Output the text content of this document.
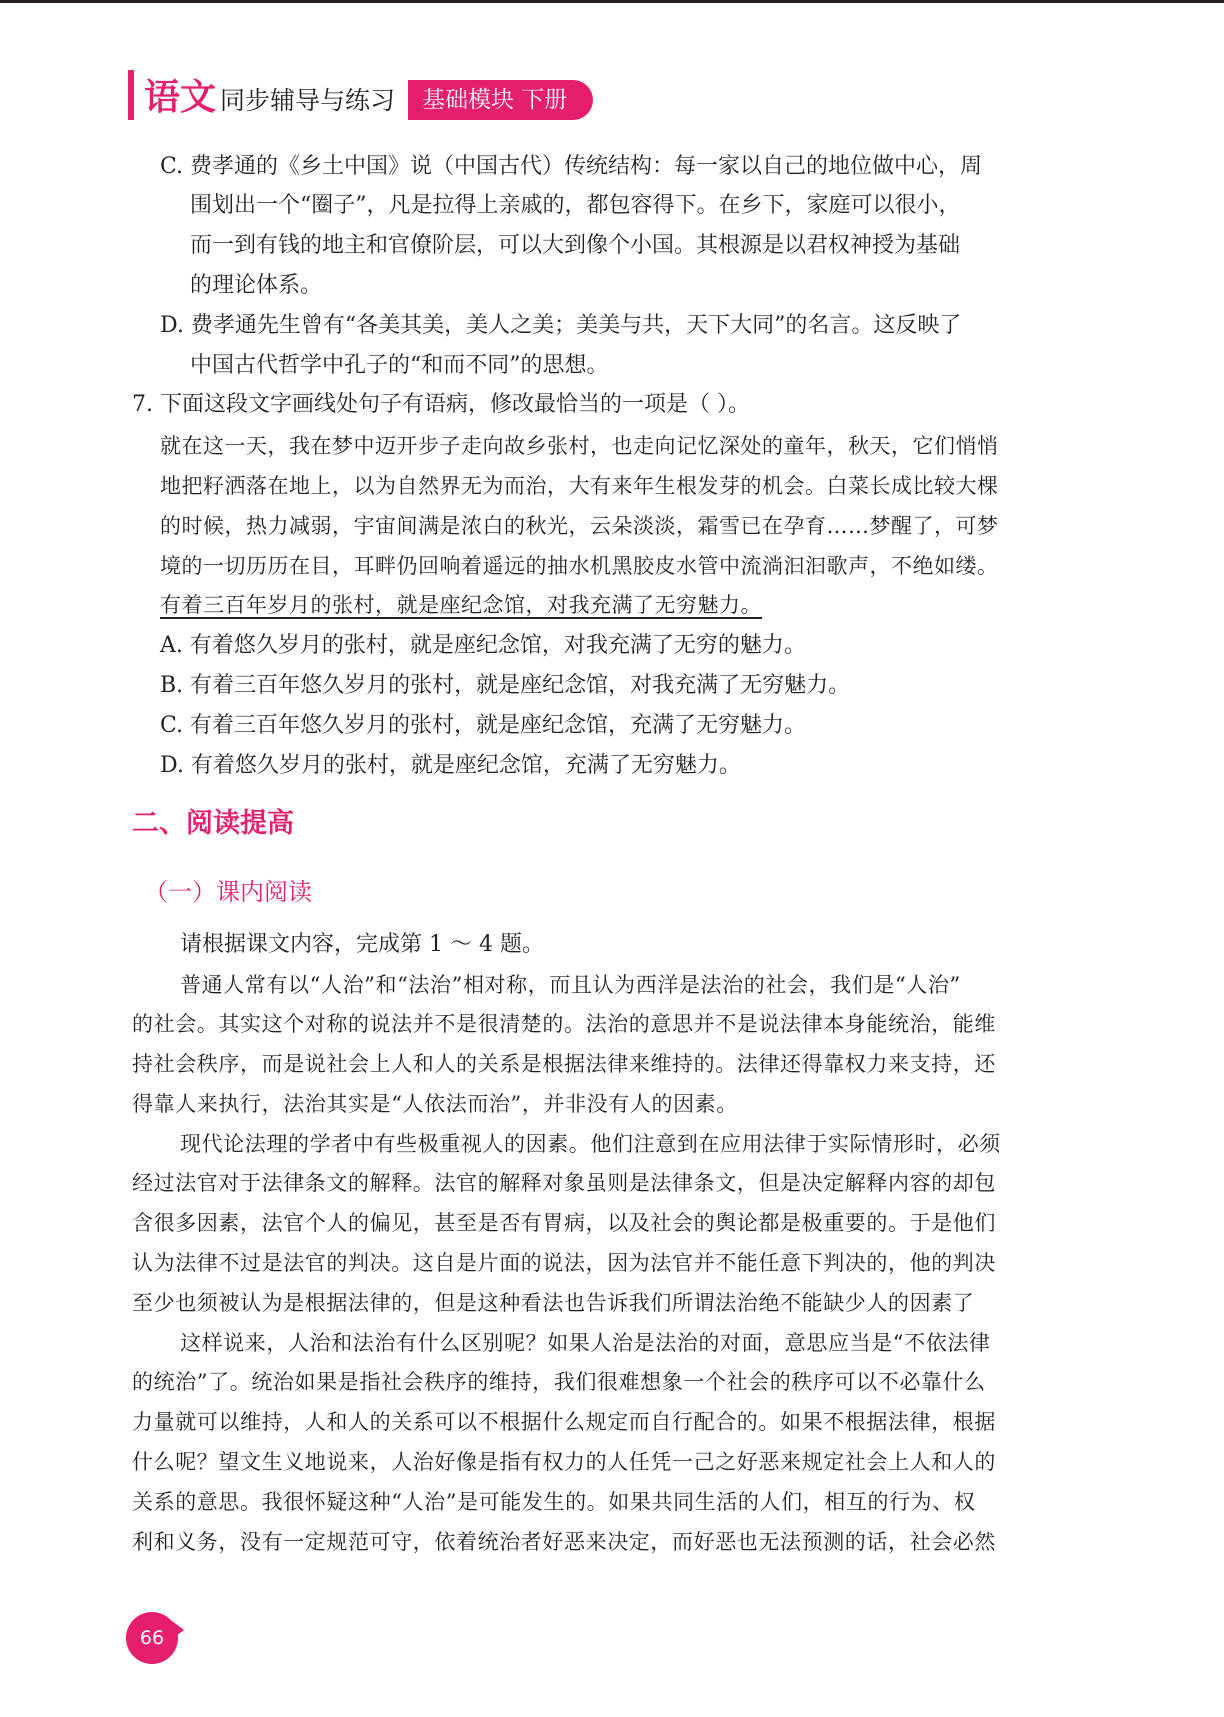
语文 同步辅导与练习	基础模块 下册
C. 费孝通的《乡土中国》说（中国古代）传统结构：每一家以自己的地位做中心，周
围划出一个“圈子”，凡是拉得上亲戚的，都包容得下。在乡下，家庭可以很小，
而一到有钱的地主和官僚阶层，可以大到像个小国。其根源是以君权神授为基础
的理论体系。
D. 费孝通先生曾有“各美其美，美人之美；美美与共，天下大同”的名言。这反映了
中国古代哲学中孔子的“和而不同”的思想。
7. 下面这段文字画线处句子有语病，修改最恰当的一项是（ ）。
就在这一天，我在梦中迈开步子走向故乡张村，也走向记忆深处的童年，秋天，它们悄悄
地把籽洒落在地上，以为自然界无为而治，大有来年生根发芽的机会。白菜长成比较大棵
的时候，热力减弱，宇宙间满是浓白的秋光，云朵淡淡，霜雪已在孕育……梦醒了，可梦
境的一切历历在目，耳畔仍回响着遥远的抽水机黑胶皮水管中流淌汩汩歌声，不绝如缕。
有着三百年岁月的张村，就是座纪念馆，对我充满了无穷魅力。
A. 有着悠久岁月的张村，就是座纪念馆，对我充满了无穷的魅力。
B. 有着三百年悠久岁月的张村，就是座纪念馆，对我充满了无穷魅力。
C. 有着三百年悠久岁月的张村，就是座纪念馆，充满了无穷魅力。
D. 有着悠久岁月的张村，就是座纪念馆，充满了无穷魅力。
二、阅读提高
（一）课内阅读
请根据课文内容，完成第 1 ～ 4 题。
普通人常有以“人治”和“法治”相对称，而且认为西洋是法治的社会，我们是“人治”
的社会。其实这个对称的说法并不是很清楚的。法治的意思并不是说法律本身能统治，能维
持社会秩序，而是说社会上人和人的关系是根据法律来维持的。法律还得靠权力来支持，还
得靠人来执行，法治其实是“人依法而治”，并非没有人的因素。
现代论法理的学者中有些极重视人的因素。他们注意到在应用法律于实际情形时，必须
经过法官对于法律条文的解释。法官的解释对象虽则是法律条文，但是决定解释内容的却包
含很多因素，法官个人的偏见，甚至是否有胃病，以及社会的舆论都是极重要的。于是他们
认为法律不过是法官的判决。这自是片面的说法，因为法官并不能任意下判决的，他的判决
至少也须被认为是根据法律的，但是这种看法也告诉我们所谓法治绝不能缺少人的因素了
这样说来，人治和法治有什么区别呢？如果人治是法治的对面，意思应当是“不依法律
的统治”了。统治如果是指社会秩序的维持，我们很难想象一个社会的秩序可以不必靠什么
力量就可以维持，人和人的关系可以不根据什么规定而自行配合的。如果不根据法律，根据
什么呢？望文生义地说来，人治好像是指有权力的人任凭一己之好恶来规定社会上人和人的
关系的意思。我很怀疑这种“人治”是可能发生的。如果共同生活的人们，相互的行为、权
利和义务，没有一定规范可守，依着统治者好恶来决定，而好恶也无法预测的话，社会必然
66
